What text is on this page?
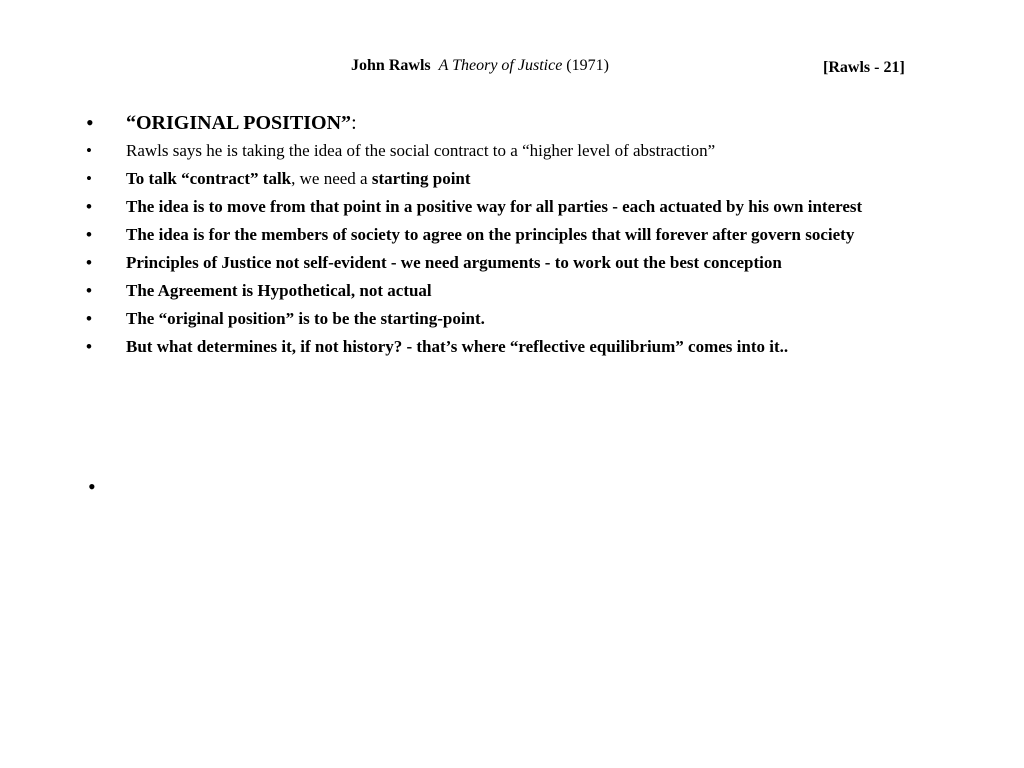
John Rawls A Theory of Justice (1971)	[Rawls - 21]
• “ORIGINAL POSITION”:
• Rawls says he is taking the idea of the social contract to a “higher level of abstraction”
• To talk “contract” talk, we need a starting point
• The idea is to move from that point in a positive way for all parties - each actuated by his own interest
• The idea is for the members of society to agree on the principles that will forever after govern society
• Principles of Justice not self-evident - we need arguments - to work out the best conception
• The Agreement is Hypothetical, not actual
• The “original position” is to be the starting-point.
• But what determines it, if not history? - that’s where “reflective equilibrium” comes into it..
•
